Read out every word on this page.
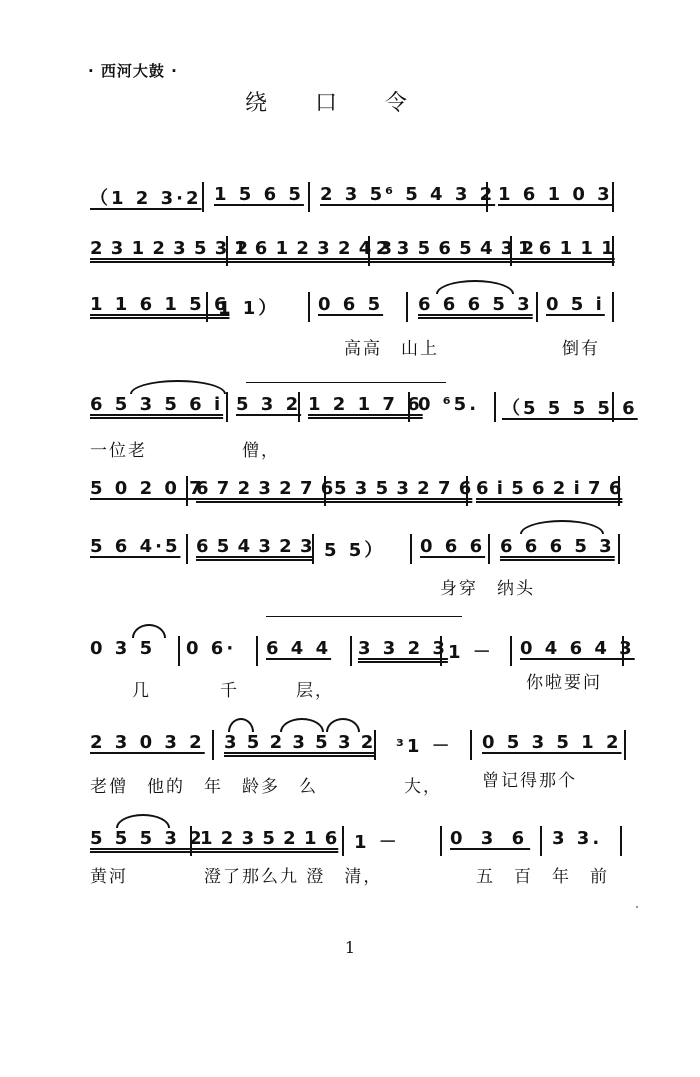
· 西河大鼓 ·
绕口令
（1 2 3·2 1 5 6 5 2 3 5⁶ 5 4 3 2 1 6 1 0 3
2 3 1 2 3 5 3 2
1 6 1 2 3 2 4 3
2 3 5 6 5 4 3 2
1 6 1 1 1
1 1 6 1 5 6
1 1） 0 6 5 6 6 6 5 3 0 5 i
高高　山上	倒有
6 5 3 5 6 i 5 3 2 1 2 1 7 6
0 ⁶5. （5 5 5 5 6
一位老	僧，
5 0 2 0 7
6 7 2 3 2 7 6 5 3 5 3 2 7 6 6 i 5 6 2 i 7 6
5 6 4·5 6 5 4 3 2 3 5 5） 0 6 6 6 6 6 5 3
身穿　纳头
0 3 5 0 6· 6 4 4 3 3 2 3 1 － 0 4 6 4 3
几	千	层，	你啦要问
2 3 0 3 2 3 5 2 3 5 3 2 ³1 － 0 5 3 5 1 2
老僧　他的　年　龄多　么	大， 曾记得那个
5 5 5 3 2
1 2 3 5 2 1 6 1 －	0 3 6 3 3.
黄河	澄了那么九 澄　清，	五　百　年　前
1
